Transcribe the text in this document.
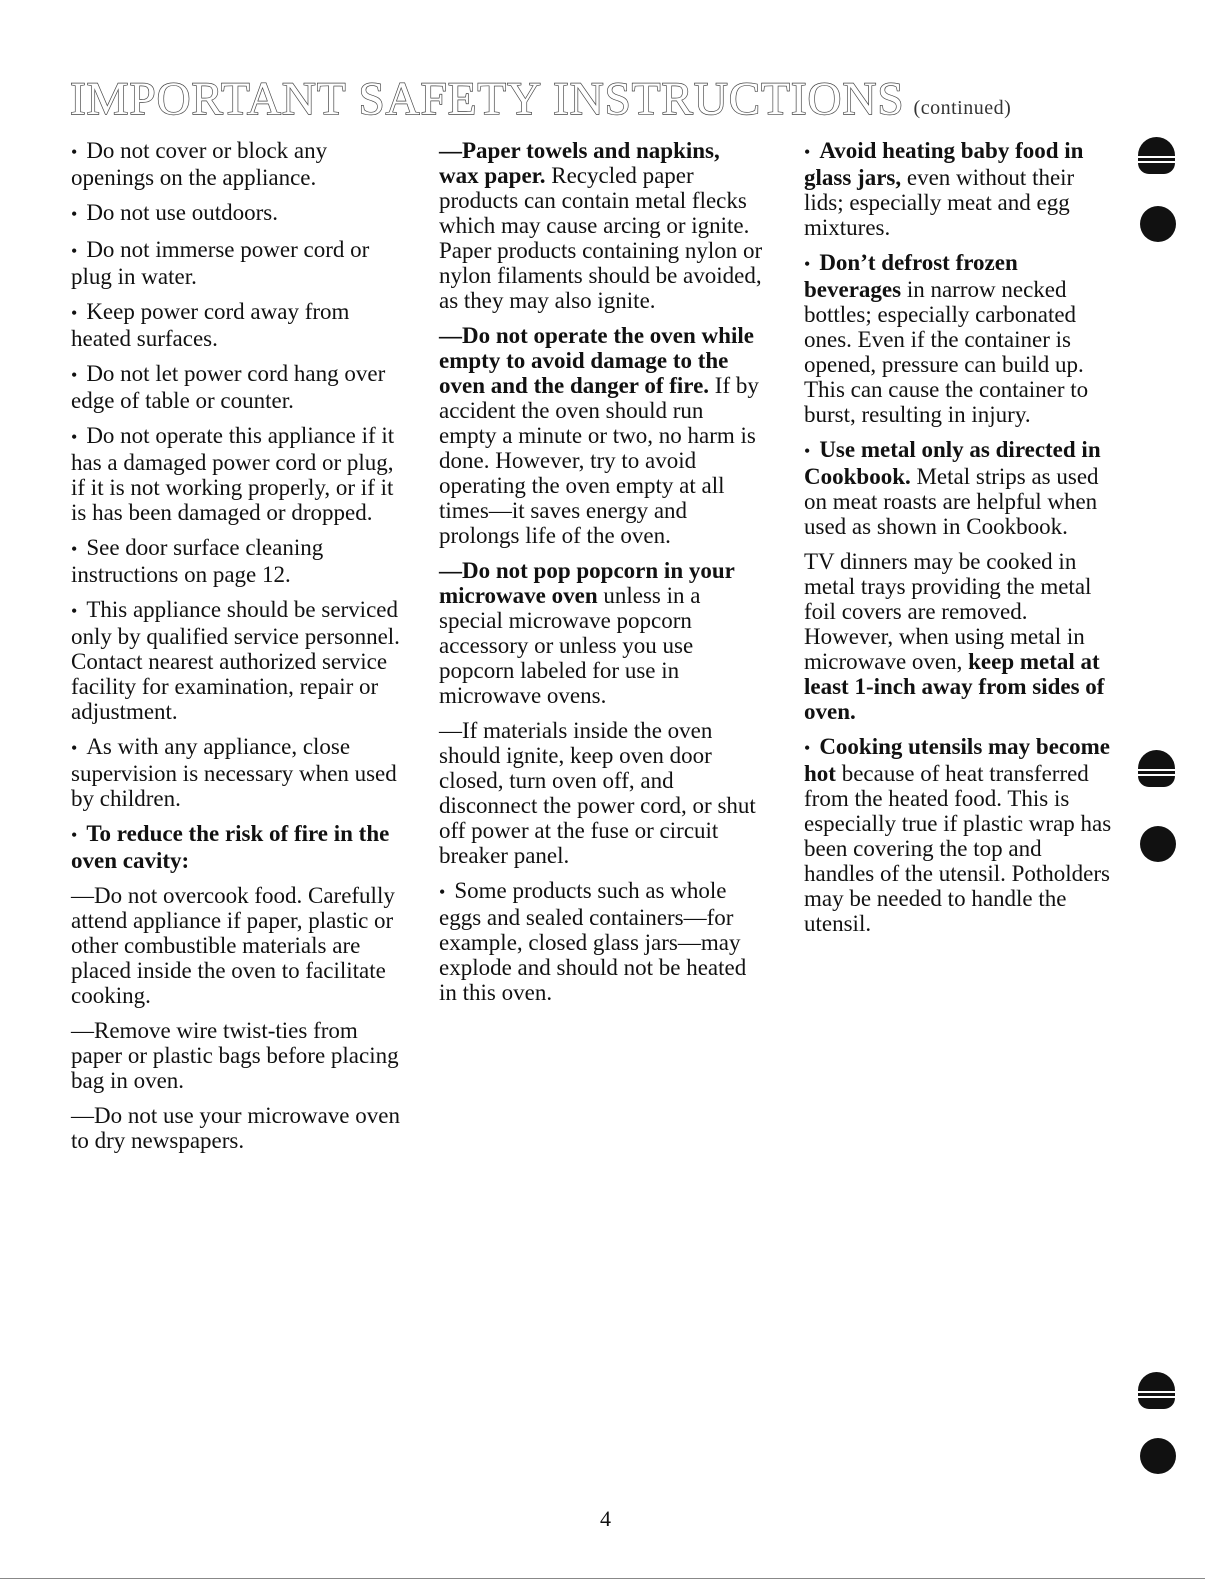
IMPORTANT SAFETY INSTRUCTIONS (continued)

• Do not cover or block any openings on the appliance.

• Do not use outdoors.

• Do not immerse power cord or plug in water.

• Keep power cord away from heated surfaces.

• Do not let power cord hang over edge of table or counter.

• Do not operate this appliance if it has a damaged power cord or plug, if it is not working properly, or if it is has been damaged or dropped.

• See door surface cleaning instructions on page 12.

• This appliance should be serviced only by qualified service personnel. Contact nearest authorized service facility for examination, repair or adjustment.

• As with any appliance, close supervision is necessary when used by children.

• To reduce the risk of fire in the oven cavity:

—Do not overcook food. Carefully attend appliance if paper, plastic or other combustible materials are placed inside the oven to facilitate cooking.

—Remove wire twist-ties from paper or plastic bags before placing bag in oven.

—Do not use your microwave oven to dry newspapers.

—Paper towels and napkins, wax paper. Recycled paper products can contain metal flecks which may cause arcing or ignite. Paper products containing nylon or nylon filaments should be avoided, as they may also ignite.

—Do not operate the oven while empty to avoid damage to the oven and the danger of fire. If by accident the oven should run empty a minute or two, no harm is done. However, try to avoid operating the oven empty at all times—it saves energy and prolongs life of the oven.

—Do not pop popcorn in your microwave oven unless in a special microwave popcorn accessory or unless you use popcorn labeled for use in microwave ovens.

—If materials inside the oven should ignite, keep oven door closed, turn oven off, and disconnect the power cord, or shut off power at the fuse or circuit breaker panel.

• Some products such as whole eggs and sealed containers—for example, closed glass jars—may explode and should not be heated in this oven.

• Avoid heating baby food in glass jars, even without their lids; especially meat and egg mixtures.

• Don’t defrost frozen beverages in narrow necked bottles; especially carbonated ones. Even if the container is opened, pressure can build up. This can cause the container to burst, resulting in injury.

• Use metal only as directed in Cookbook. Metal strips as used on meat roasts are helpful when used as shown in Cookbook.

TV dinners may be cooked in metal trays providing the metal foil covers are removed. However, when using metal in microwave oven, keep metal at least 1-inch away from sides of oven.

• Cooking utensils may become hot because of heat transferred from the heated food. This is especially true if plastic wrap has been covering the top and handles of the utensil. Potholders may be needed to handle the utensil.

4
